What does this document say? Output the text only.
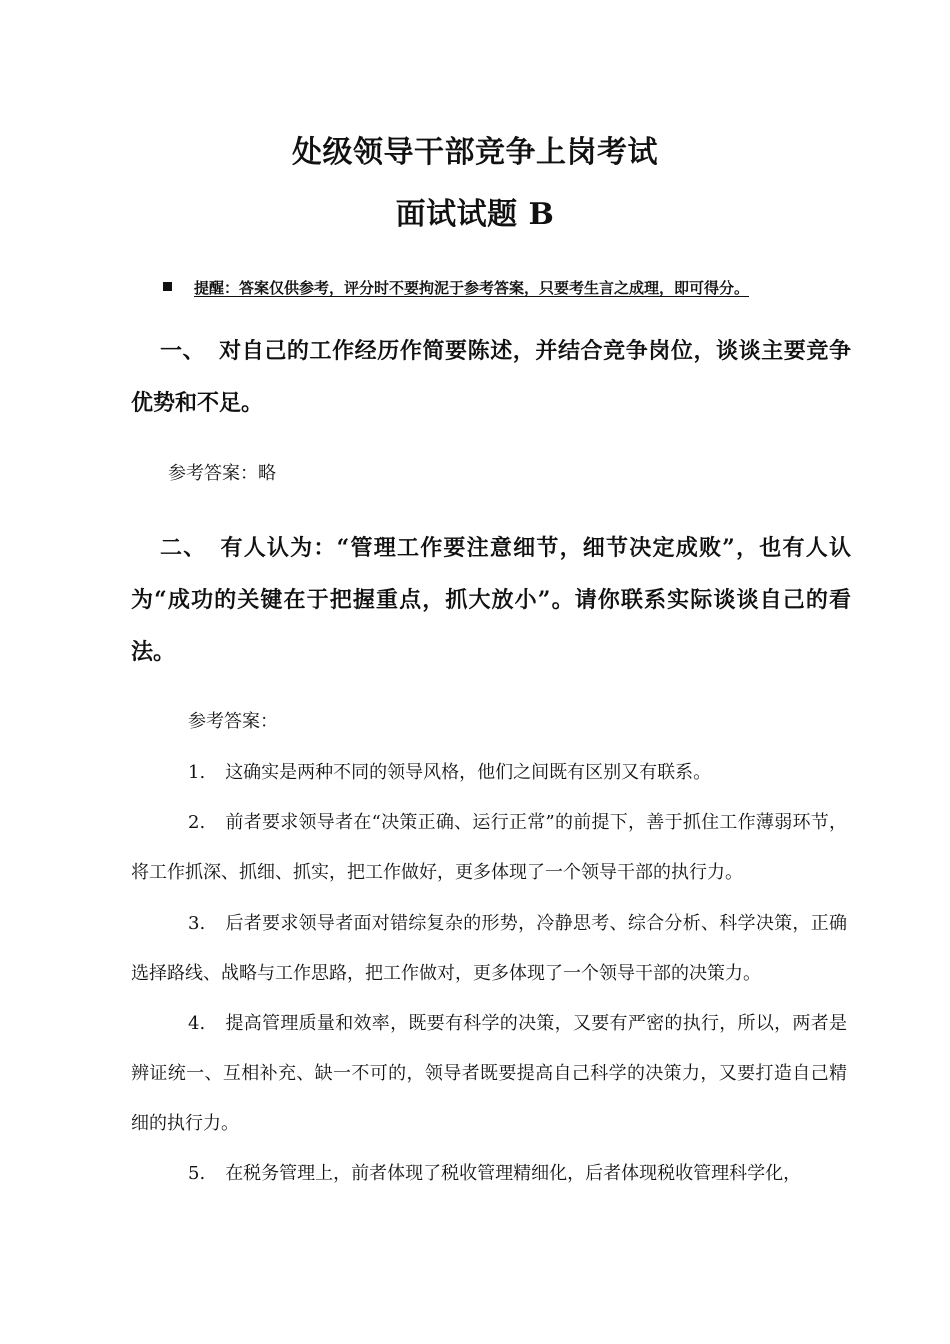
处级领导干部竞争上岗考试
面试试题 B
提醒：答案仅供参考，评分时不要拘泥于参考答案，只要考生言之成理，即可得分。
一、 对自己的工作经历作简要陈述，并结合竞争岗位，谈谈主要竞争优势和不足。
参考答案：略
二、 有人认为：“管理工作要注意细节，细节决定成败”，也有人认为“成功的关键在于把握重点，抓大放小”。请你联系实际谈谈自己的看法。
参考答案：
1. 这确实是两种不同的领导风格，他们之间既有区别又有联系。
2. 前者要求领导者在“决策正确、运行正常”的前提下，善于抓住工作薄弱环节，将工作抓深、抓细、抓实，把工作做好，更多体现了一个领导干部的执行力。
3. 后者要求领导者面对错综复杂的形势，冷静思考、综合分析、科学决策，正确选择路线、战略与工作思路，把工作做对，更多体现了一个领导干部的决策力。
4. 提高管理质量和效率，既要有科学的决策，又要有严密的执行，所以，两者是辨证统一、互相补充、缺一不可的，领导者既要提高自己科学的决策力，又要打造自己精细的执行力。
5. 在税务管理上，前者体现了税收管理精细化，后者体现税收管理科学化，
